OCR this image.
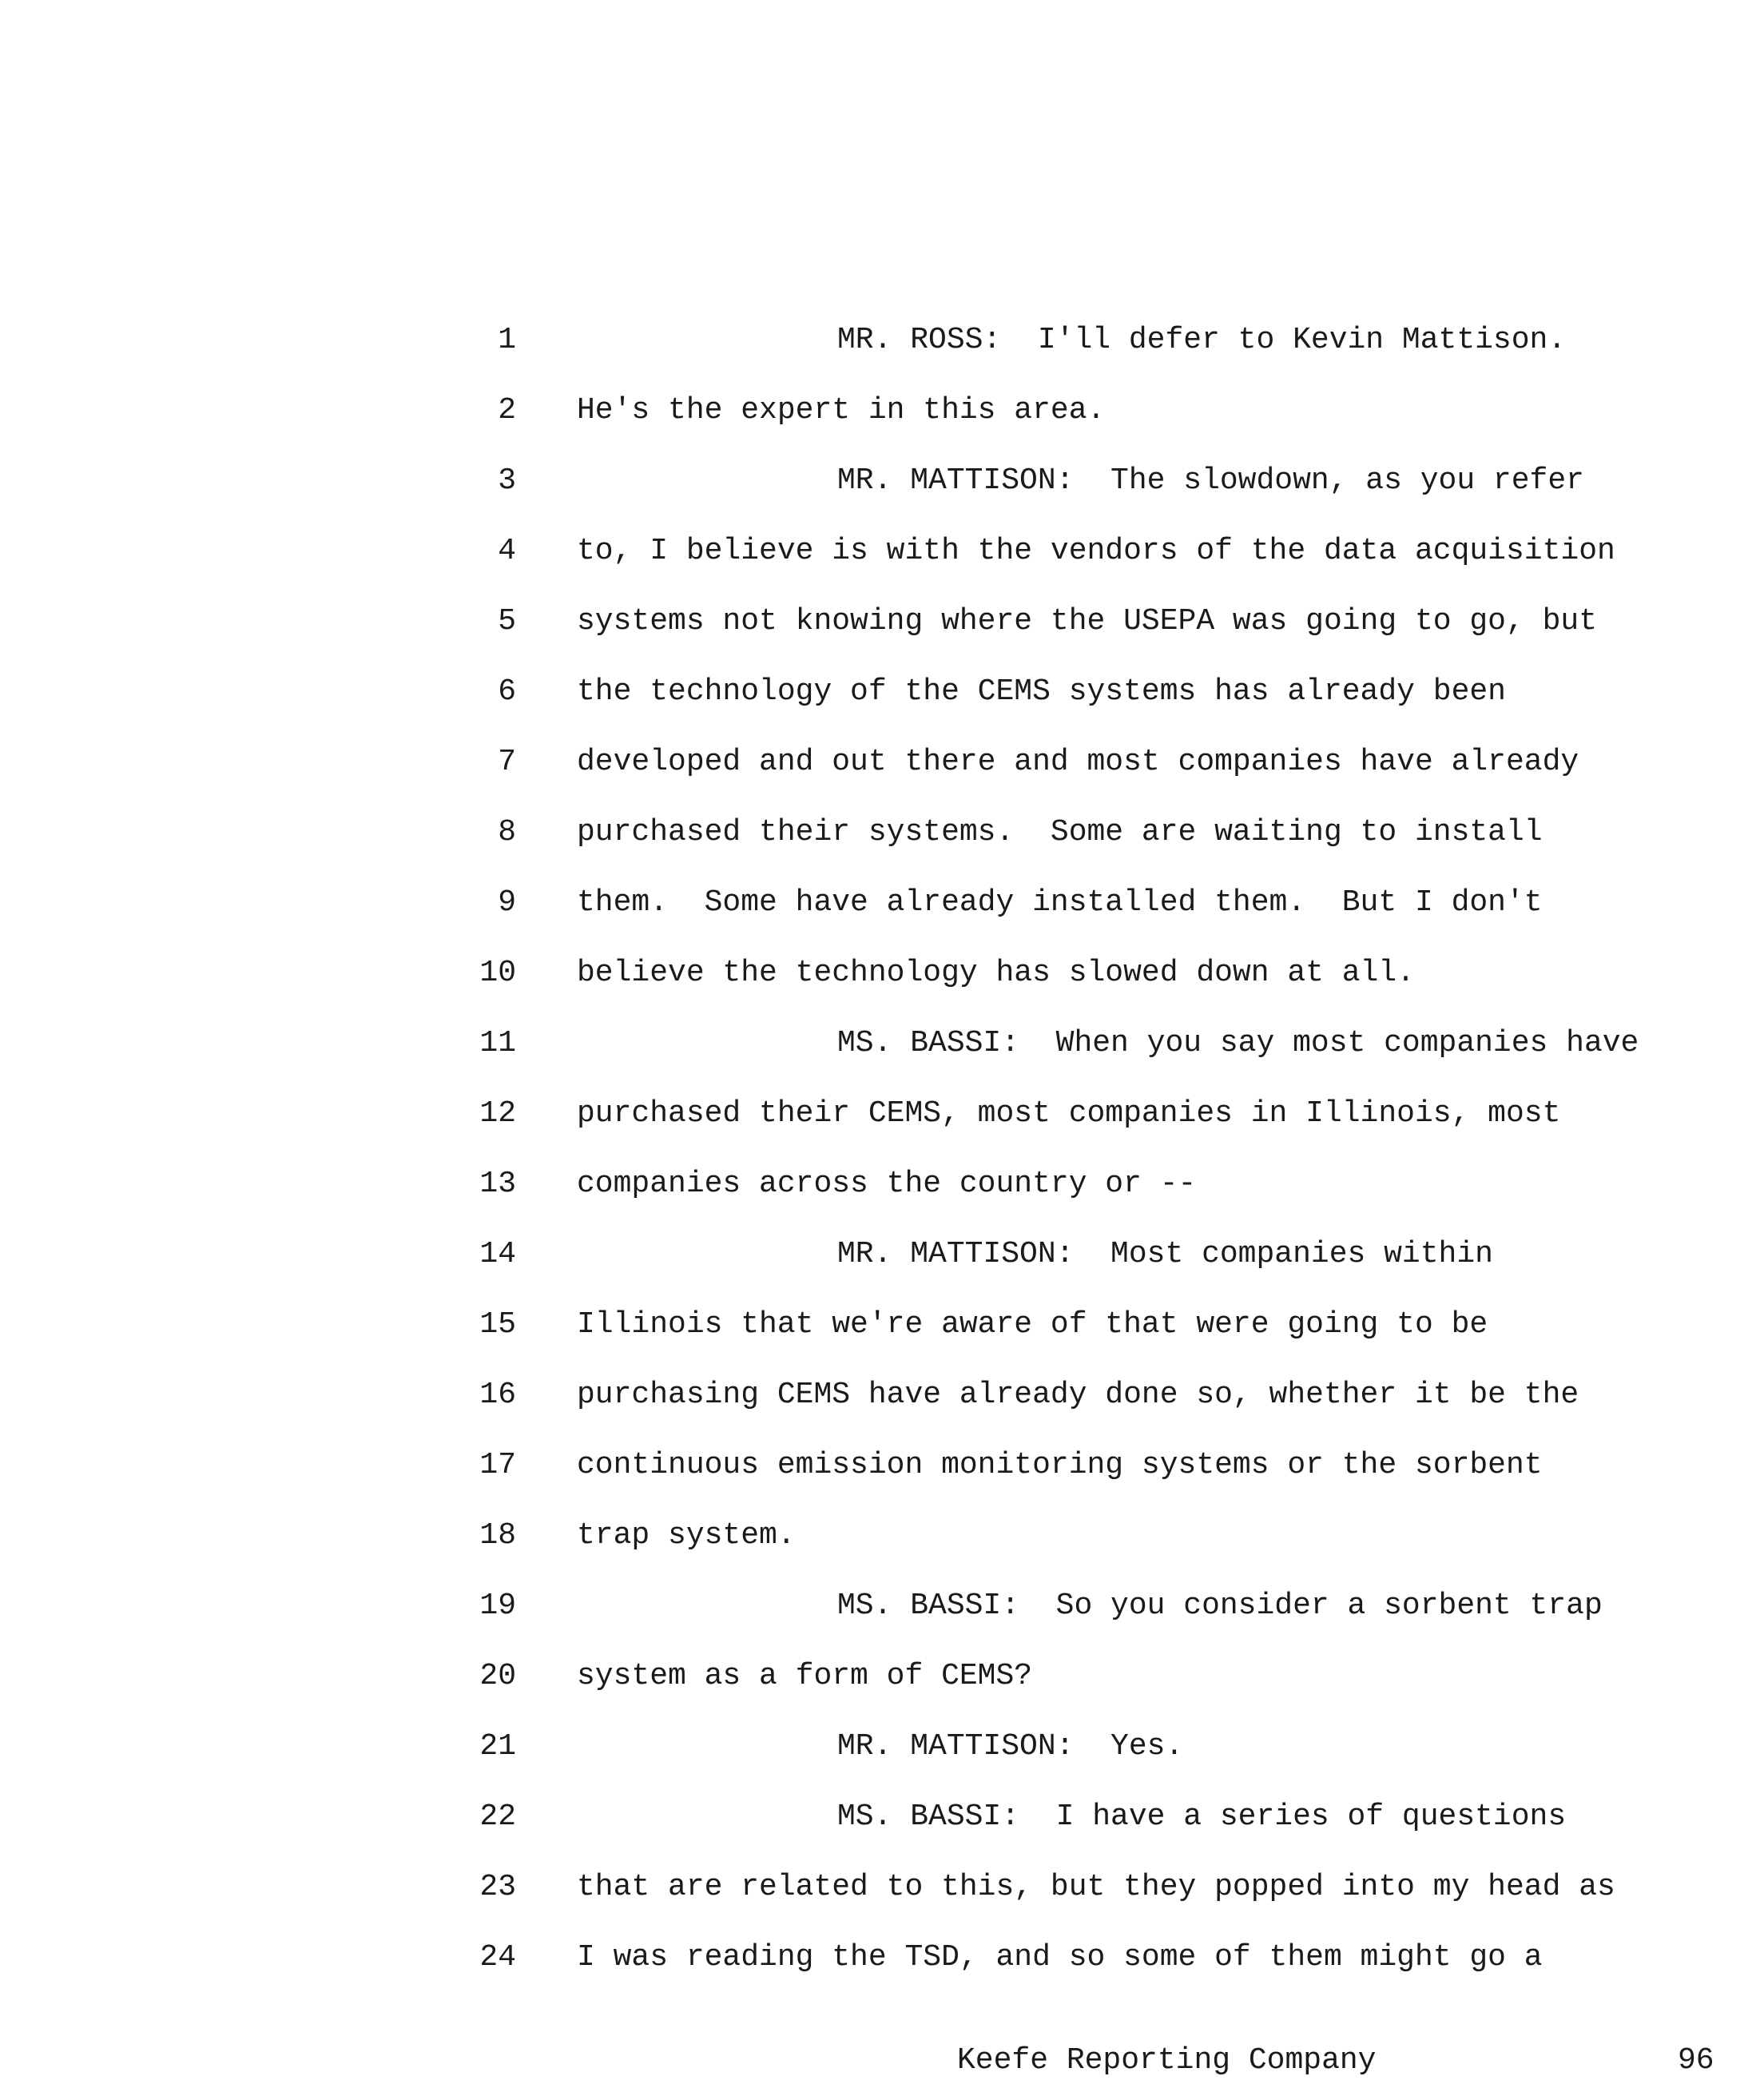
1	MR. ROSS:  I'll defer to Kevin Mattison.
2 He's the expert in this area.
3	MR. MATTISON:  The slowdown, as you refer
4 to, I believe is with the vendors of the data acquisition
5 systems not knowing where the USEPA was going to go, but
6 the technology of the CEMS systems has already been
7 developed and out there and most companies have already
8 purchased their systems.  Some are waiting to install
9 them.  Some have already installed them.  But I don't
10 believe the technology has slowed down at all.
11	MS. BASSI:  When you say most companies have
12 purchased their CEMS, most companies in Illinois, most
13 companies across the country or --
14	MR. MATTISON:  Most companies within
15 Illinois that we're aware of that were going to be
16 purchasing CEMS have already done so, whether it be the
17 continuous emission monitoring systems or the sorbent
18 trap system.
19	MS. BASSI:  So you consider a sorbent trap
20 system as a form of CEMS?
21	MR. MATTISON:  Yes.
22	MS. BASSI:  I have a series of questions
23 that are related to this, but they popped into my head as
24 I was reading the TSD, and so some of them might go a
Keefe Reporting Company	96
